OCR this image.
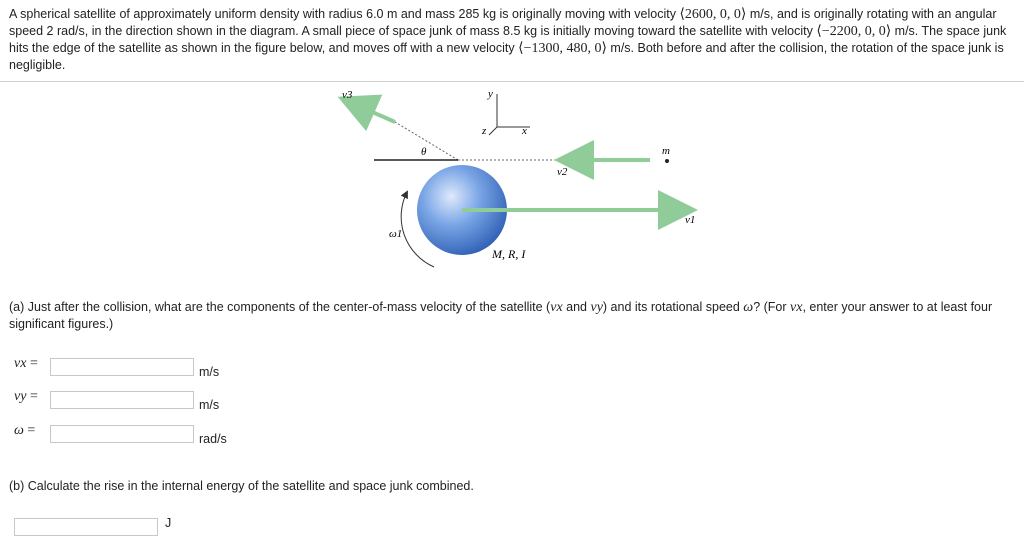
A spherical satellite of approximately uniform density with radius 6.0 m and mass 285 kg is originally moving with velocity ⟨2600, 0, 0⟩ m/s, and is originally rotating with an angular speed 2 rad/s, in the direction shown in the diagram. A small piece of space junk of mass 8.5 kg is initially moving toward the satellite with velocity ⟨−2200, 0, 0⟩ m/s. The space junk hits the edge of the satellite as shown in the figure below, and moves off with a new velocity ⟨−1300, 480, 0⟩ m/s. Both before and after the collision, the rotation of the space junk is negligible.
v3	y
x
z
θ
v2
m
v1
ω1
M, R, I
(a) Just after the collision, what are the components of the center-of-mass velocity of the satellite (vx and vy) and its rotational speed ω? (For vx, enter your answer to at least four significant figures.)
vx =
m/s
vy =
m/s
ω =
rad/s
(b) Calculate the rise in the internal energy of the satellite and space junk combined.
J
